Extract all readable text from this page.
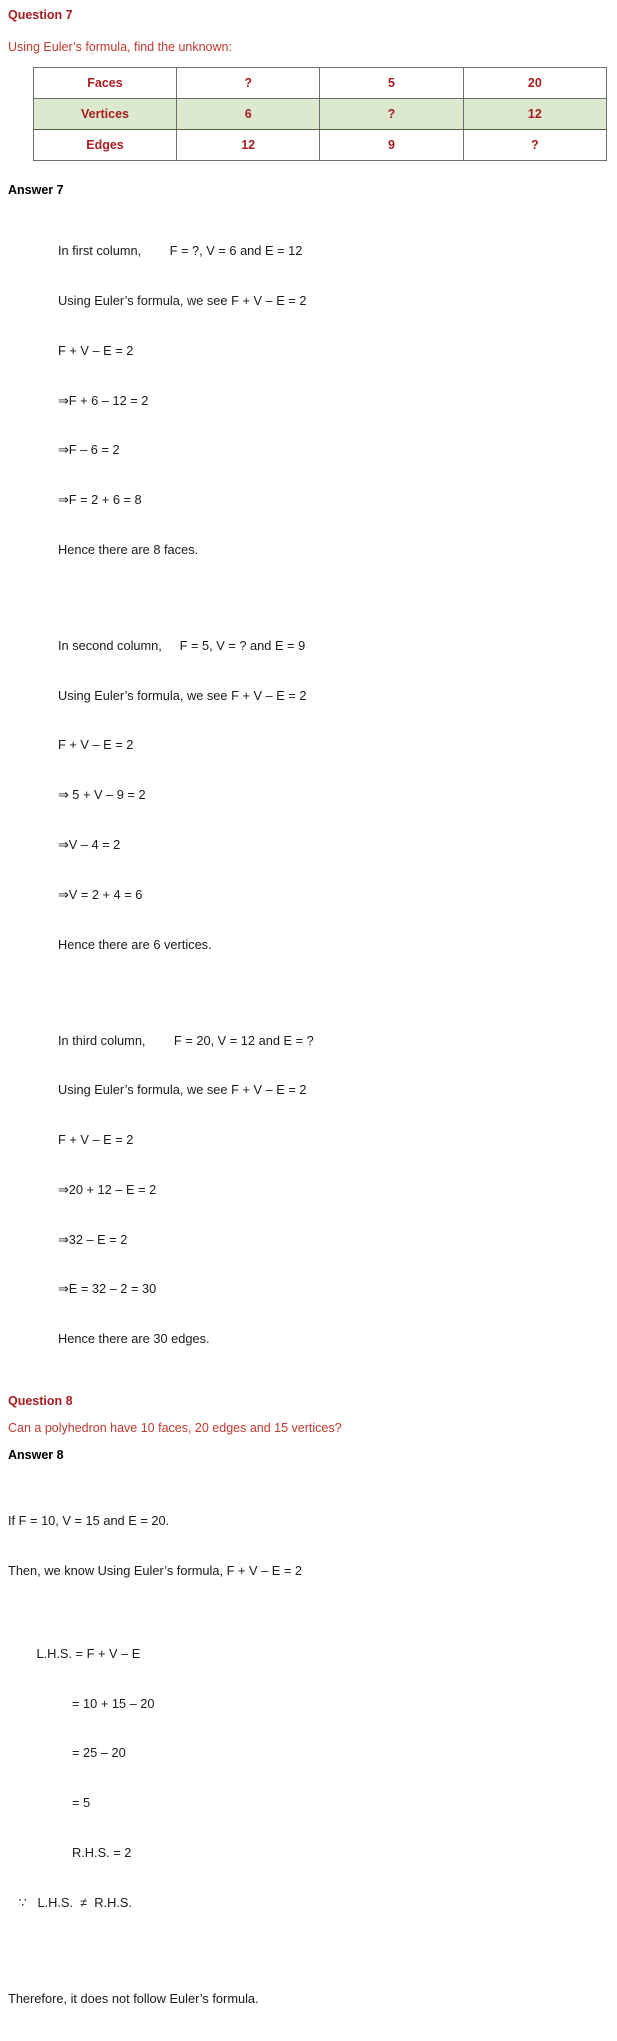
Question 7
Using Euler’s formula, find the unknown:
Faces	?	5	20
Vertices	6	?	12
Edges	12	9	?
Answer 7

In first column,        F = ?, V = 6 and E = 12

Using Euler’s formula, we see F + V – E = 2

F + V – E = 2

⇒F + 6 – 12 = 2

⇒F – 6 = 2

⇒F = 2 + 6 = 8

Hence there are 8 faces.

In second column,     F = 5, V = ? and E = 9

Using Euler’s formula, we see F + V – E = 2

F + V – E = 2

⇒ 5 + V – 9 = 2

⇒V – 4 = 2

⇒V = 2 + 4 = 6

Hence there are 6 vertices.

In third column,        F = 20, V = 12 and E = ?

Using Euler’s formula, we see F + V – E = 2

F + V – E = 2

⇒20 + 12 – E = 2

⇒32 – E = 2

⇒E = 32 – 2 = 30

Hence there are 30 edges.

Question 8
Can a polyhedron have 10 faces, 20 edges and 15 vertices?
Answer 8

If F = 10, V = 15 and E = 20.

Then, we know Using Euler’s formula, F + V – E = 2

L.H.S. = F + V – E

= 10 + 15 – 20

= 25 – 20

= 5

R.H.S. = 2

∵   L.H.S.  ≠  R.H.S.

Therefore, it does not follow Euler’s formula.
